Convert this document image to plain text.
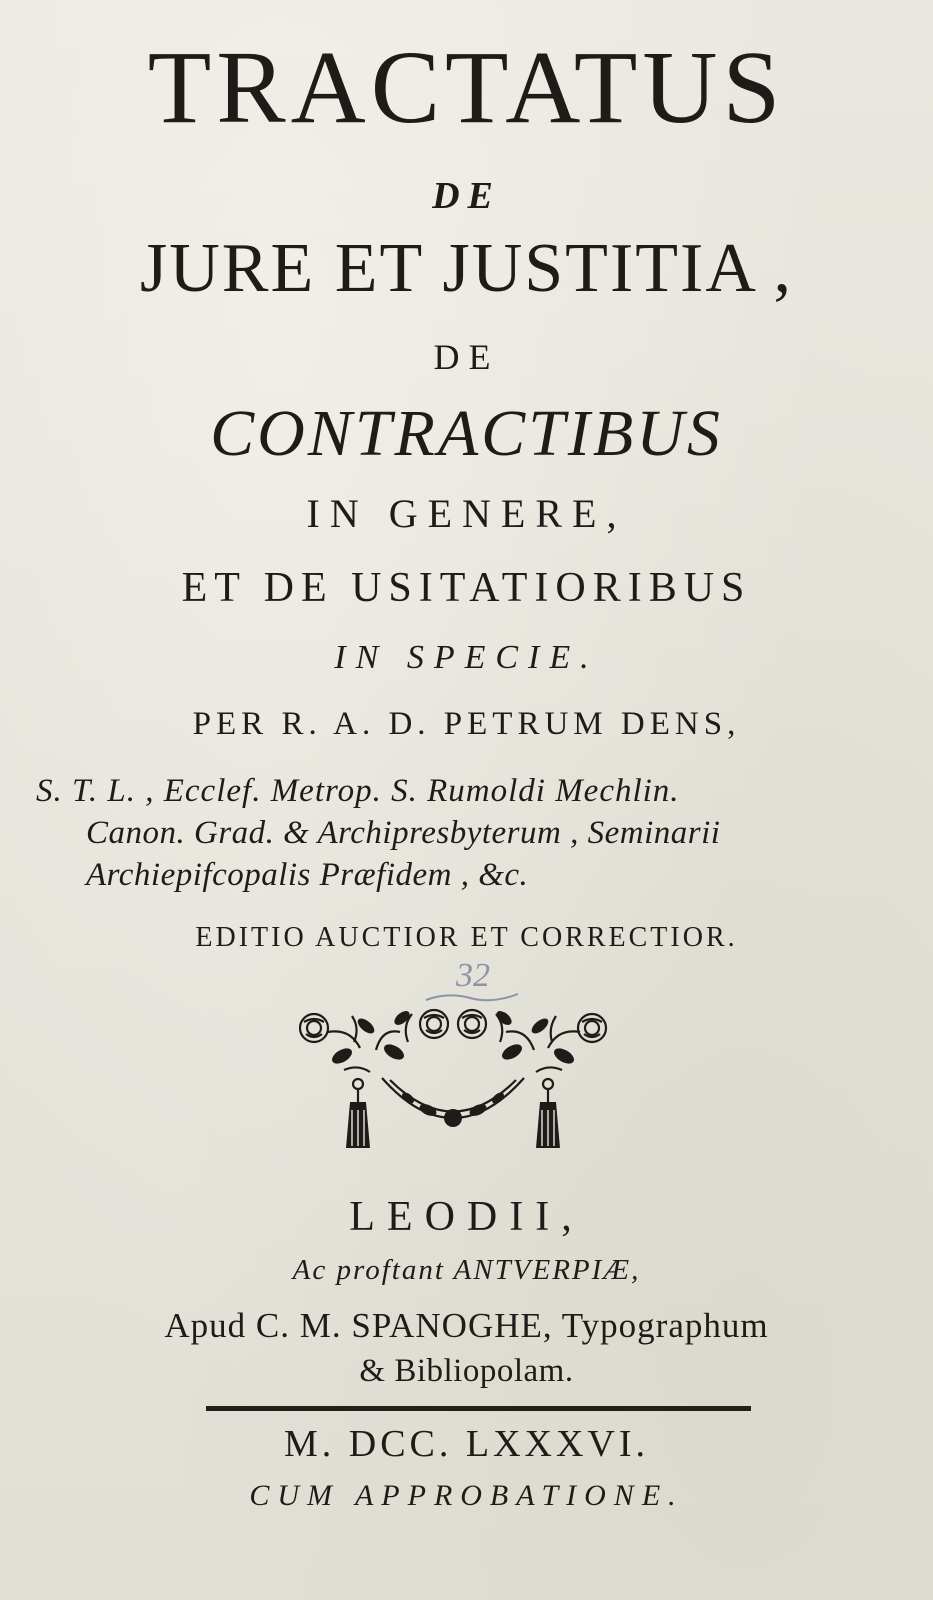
TRACTATUS

DE

JURE ET JUSTITIA ,

DE

CONTRACTIBUS

IN GENERE,

ET DE USITATIORIBUS

IN SPECIE.

PER R. A. D. PETRUM DENS,

S. T. L. , Ecclef. Metrop. S. Rumoldi Mechlin.

Canon. Grad. & Archipresbyterum , Seminarii

Archiepifcopalis Præfidem , &c.

EDITIO AUCTIOR ET CORRECTIOR.

32

LEODII,

Ac proftant ANTVERPIÆ,

Apud C. M. SPANOGHE, Typographum

& Bibliopolam.

M. DCC. LXXXVI.

CUM APPROBATIONE.
